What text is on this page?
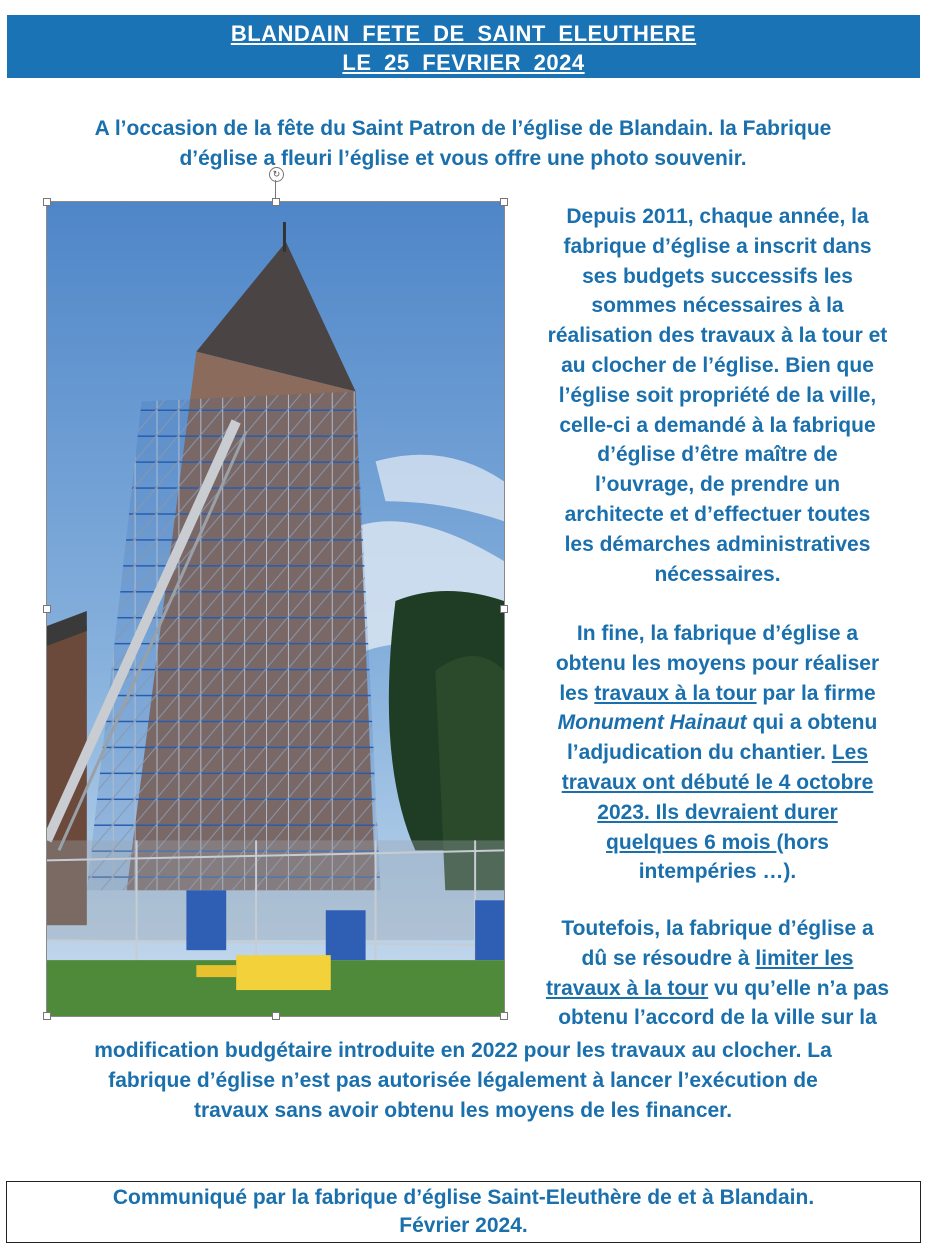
BLANDAIN FETE DE SAINT ELEUTHERE
LE 25 FEVRIER 2024
A l’occasion de la fête du Saint Patron de l’église de Blandain. la Fabrique
d’église a fleuri l’église et vous offre une photo souvenir.
↻

Depuis 2011, chaque année, la

fabrique d’église a inscrit dans

ses budgets successifs les

sommes nécessaires à la

réalisation des travaux à la tour et

au clocher de l’église. Bien que

l’église soit propriété de la ville,

celle-ci a demandé à la fabrique

d’église d’être maître de

l’ouvrage, de prendre un

architecte et d’effectuer toutes

les démarches administratives

nécessaires.

In fine, la fabrique d’église a

obtenu les moyens pour réaliser

les travaux à la tour par la firme

Monument Hainaut qui a obtenu

l’adjudication du chantier. Les

travaux ont débuté le 4 octobre

2023. Ils devraient durer

quelques 6 mois (hors

intempéries …).

Toutefois, la fabrique d’église a

dû se résoudre à limiter les

travaux à la tour vu qu’elle n’a pas

obtenu l’accord de la ville sur la

modification budgétaire introduite en 2022 pour les travaux au clocher. La
fabrique d’église n’est pas autorisée légalement à lancer l’exécution de
travaux sans avoir obtenu les moyens de les financer.
Communiqué par la fabrique d’église Saint-Eleuthère de et à Blandain.
Février 2024.
